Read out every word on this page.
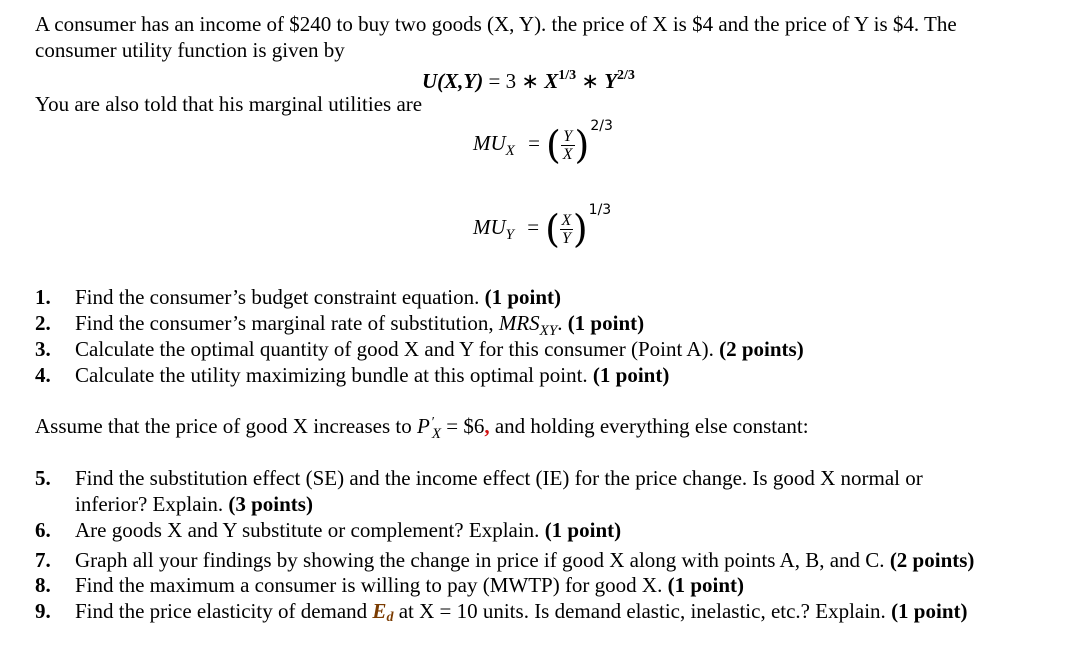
A consumer has an income of $240 to buy two goods (X, Y). the price of X is $4 and the price of Y is $4. The
consumer utility function is given by
U(X,Y) = 3 ∗ $X^{1/3}$ ∗ $Y^{2/3}$
You are also told that his marginal utilities are
$MU_X$ = ( $\frac{Y}{X} )^{2/3}$
$MU_Y$ = ( $\frac{X}{Y} )^{1/3}$
1. Find the consumer’s budget constraint equation. (1 point)
2. Find the consumer’s marginal rate of substitution, $MRS_{XY}$. (1 point)
3. Calculate the optimal quantity of good X and Y for this consumer (Point A). (2 points)
4. Calculate the utility maximizing bundle at this optimal point. (1 point)
Assume that the price of good X increases to P ′
$_X$ = $6, and holding everything else constant:
5. Find the substitution effect (SE) and the income effect (IE) for the price change. Is good X normal or
inferior? Explain. (3 points)
6. Are goods X and Y substitute or complement? Explain. (1 point)
7. Graph all your findings by showing the change in price if good X along with points A, B, and C. (2 points)
8. Find the maximum a consumer is willing to pay (MWTP) for good X. (1 point)
9. Find the price elasticity of demand Ed at X = 10 units. Is demand elastic, inelastic, etc.? Explain. (1 point)
